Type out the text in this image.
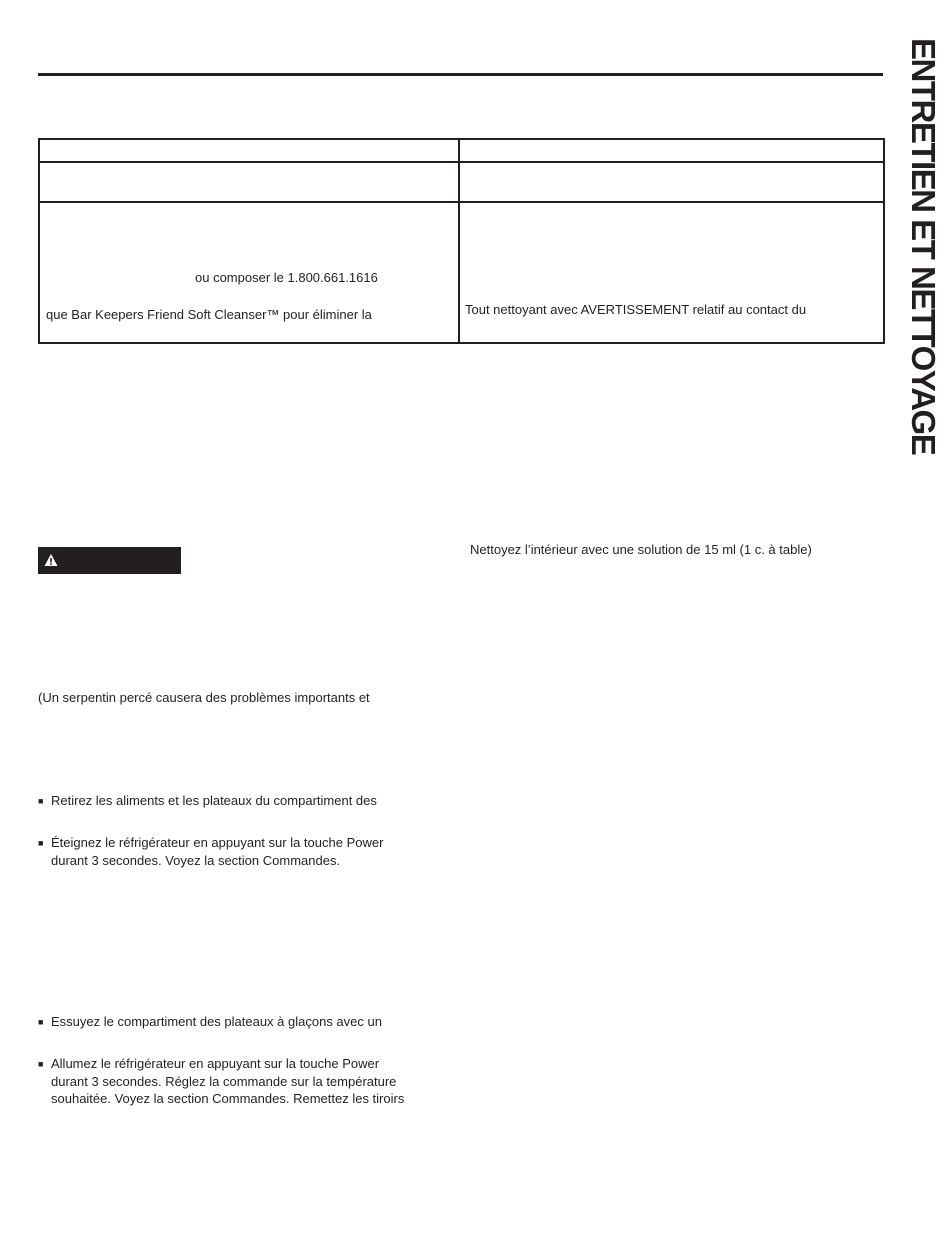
ENTRETIEN ET NETTOYAGE

ou composer le 1.800.661.1616
que Bar Keepers Friend Soft Cleanser™ pour éliminer la	Tout nettoyant avec AVERTISSEMENT relatif au contact du
Nettoyez l’intérieur avec une solution de 15 ml (1 c. à table)
(Un serpentin percé causera des problèmes importants et
■ Retirez les aliments et les plateaux du compartiment des
■ Éteignez le réfrigérateur en appuyant sur la touche Power
durant 3 secondes. Voyez la section Commandes.
■ Essuyez le compartiment des plateaux à glaçons avec un
■ Allumez le réfrigérateur en appuyant sur la touche Power
durant 3 secondes. Réglez la commande sur la température
souhaitée. Voyez la section Commandes. Remettez les tiroirs
